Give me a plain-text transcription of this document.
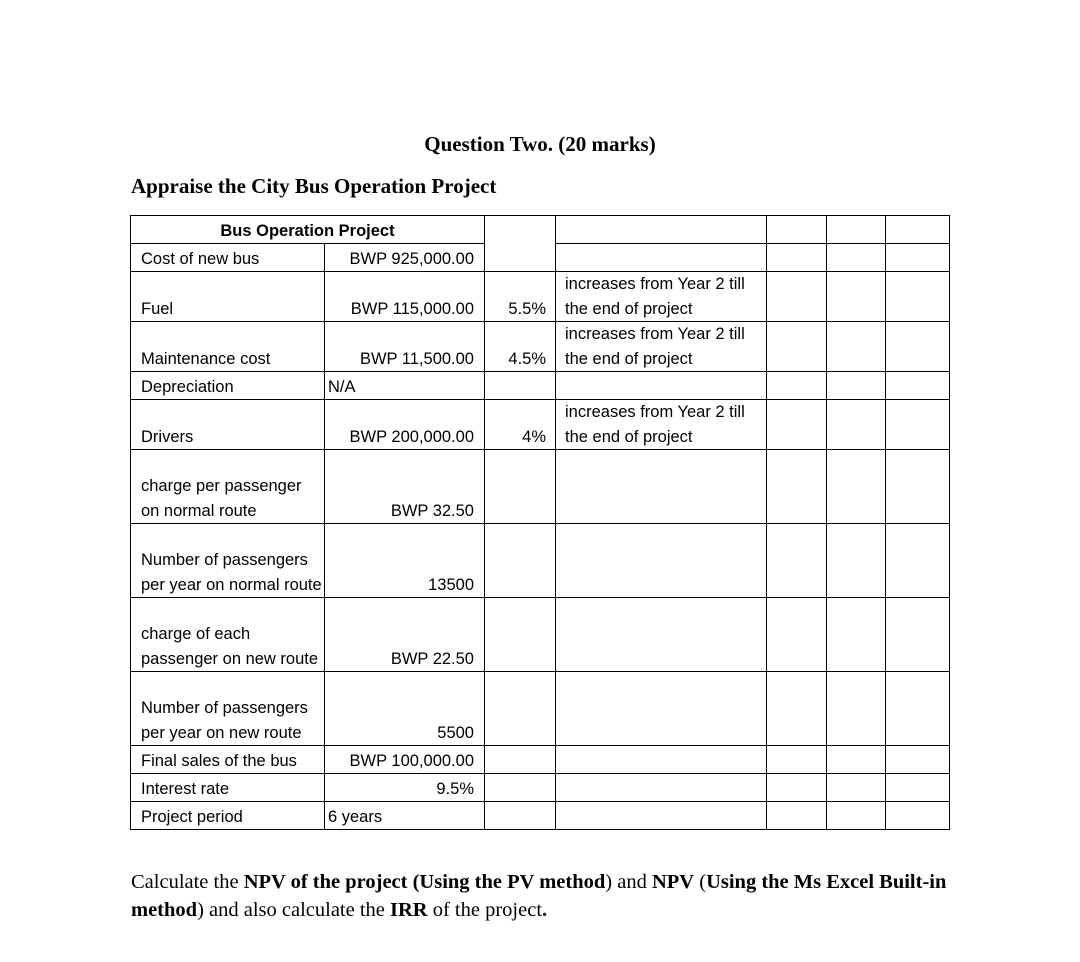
Question Two. (20 marks)
Appraise the City Bus Operation Project
Bus Operation Project						
Cost of new bus	BWP 925,000.00					
Fuel	BWP 115,000.00	5.5%	increases from Year 2 till the end of project			
Maintenance cost	BWP 11,500.00	4.5%	increases from Year 2 till the end of project			
Depreciation	N/A					
Drivers	BWP 200,000.00	4%	increases from Year 2 till the end of project			
charge per passenger on normal route	BWP 32.50					
Number of passengers per year on normal route	13500					
charge of each passenger on new route	BWP 22.50					
Number of passengers per year on new route	5500					
Final sales of the bus	BWP 100,000.00					
Interest rate	9.5%					
Project period	6 years					
Calculate the NPV of the project (Using the PV method) and NPV (Using the Ms Excel Built-in method) and also calculate the IRR of the project.
